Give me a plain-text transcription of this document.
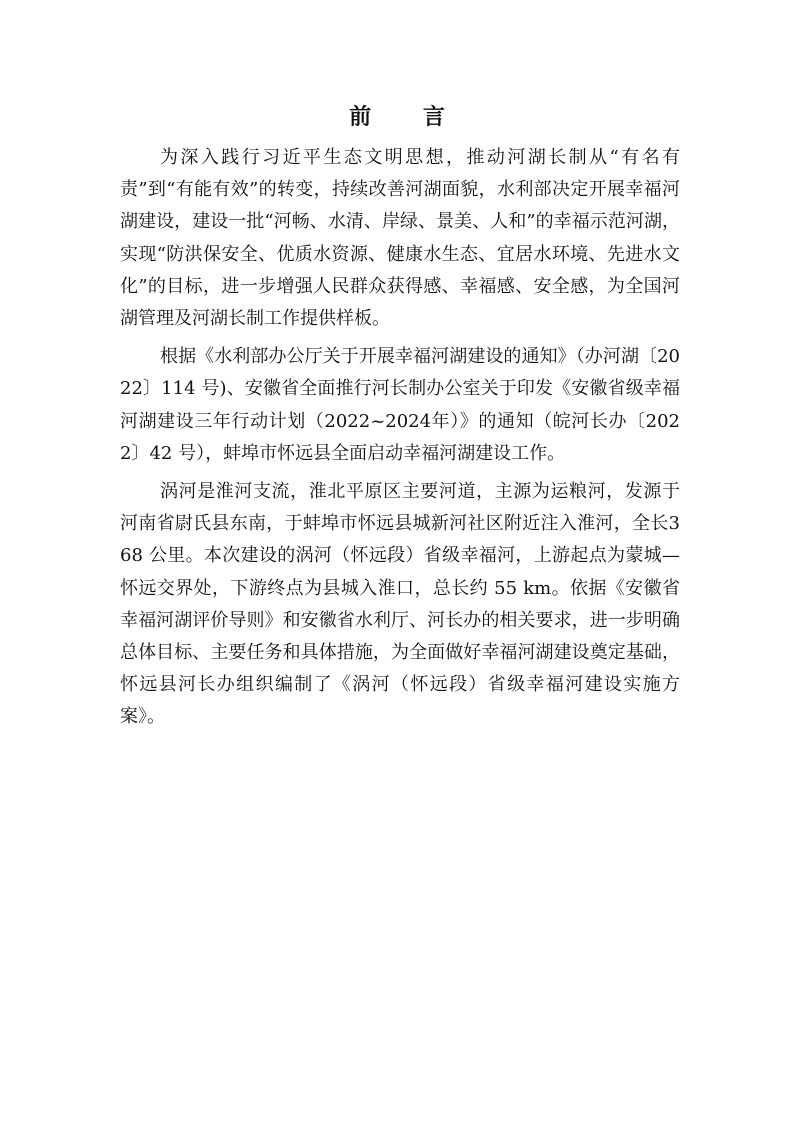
前 言

为深入践行习近平生态文明思想，推动河湖长制从“有名有责”到“有能有效”的转变，持续改善河湖面貌，水利部决定开展幸福河湖建设，建设一批“河畅、水清、岸绿、景美、人和”的幸福示范河湖，实现“防洪保安全、优质水资源、健康水生态、宜居水环境、先进水文化”的目标，进一步增强人民群众获得感、幸福感、安全感，为全国河湖管理及河湖长制工作提供样板。

根据《水利部办公厅关于开展幸福河湖建设的通知》（办河湖〔2022〕114 号)、安徽省全面推行河长制办公室关于印发《安徽省级幸福河湖建设三年行动计划（2022~2024年）》的通知（皖河长办〔2022〕42 号），蚌埠市怀远县全面启动幸福河湖建设工作。

涡河是淮河支流，淮北平原区主要河道，主源为运粮河，发源于河南省尉氏县东南，于蚌埠市怀远县城新河社区附近注入淮河，全长368 公里。本次建设的涡河（怀远段）省级幸福河，上游起点为蒙城—怀远交界处，下游终点为县城入淮口，总长约 55 km。依据《安徽省幸福河湖评价导则》和安徽省水利厅、河长办的相关要求，进一步明确总体目标、主要任务和具体措施，为全面做好幸福河湖建设奠定基础，怀远县河长办组织编制了《涡河（怀远段）省级幸福河建设实施方案》。
